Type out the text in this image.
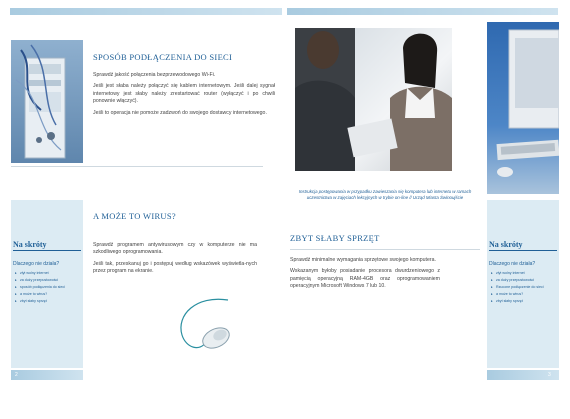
SPOSÓB PODŁĄCZENIA DO SIECI

Sprawdź jakość połączenia bezprzewodowego Wi-Fi.

Jeśli jest słaba należy połączyć się kablem internetowym. Jeśli dalej sygnał internetowy jest słaby należy zrestartować router (wyłączyć i po chwili ponownie włączyć).

Jeśli to operacja nie pomoże zadzwoń do swojego dostawcy internetowego.

Na skróty
Dlaczego nie działa?
▸ złyt wolny internet
▸ za duży przepustowości
▸ sposób podłączenia do sieci
▸ a może to wirus?
▸ zbyt słaby sprzęt
A MOŻE TO WIRUS?

Sprawdź programem antywirusowym czy w komputerze nie ma szkodliwego oprogramowania.

Jeśli tak, przeskanuj go i postępuj według wskazówek wyświetla-nych przez program na ekranie.

2
Instrukcja postępowania w przypadku zawieszania się komputera lub internetu w ramach uczestnictwa w zajęciach lekcyjnych w trybie on-line // Urząd Miasta Świnoujście
ZBYT SŁABY SPRZĘT

Sprawdź minimalne wymagania sprzętowe swojego komputera.

Wskazanym byłoby posiadanie procesora dwurdzeniowego z pamięcią operacyjną RAM-4GB oraz oprogramowaniem operacyjnym Microsoft Windows 7 lub 10.

Na skróty
Dlaczego nie działa?
▸ złyt wolny internet
▸ za duży przepustowości
▸ Rzucone podłączenie do sieci
▸ a może to wirus?
▸ zbyt słaby sprzęt
3
